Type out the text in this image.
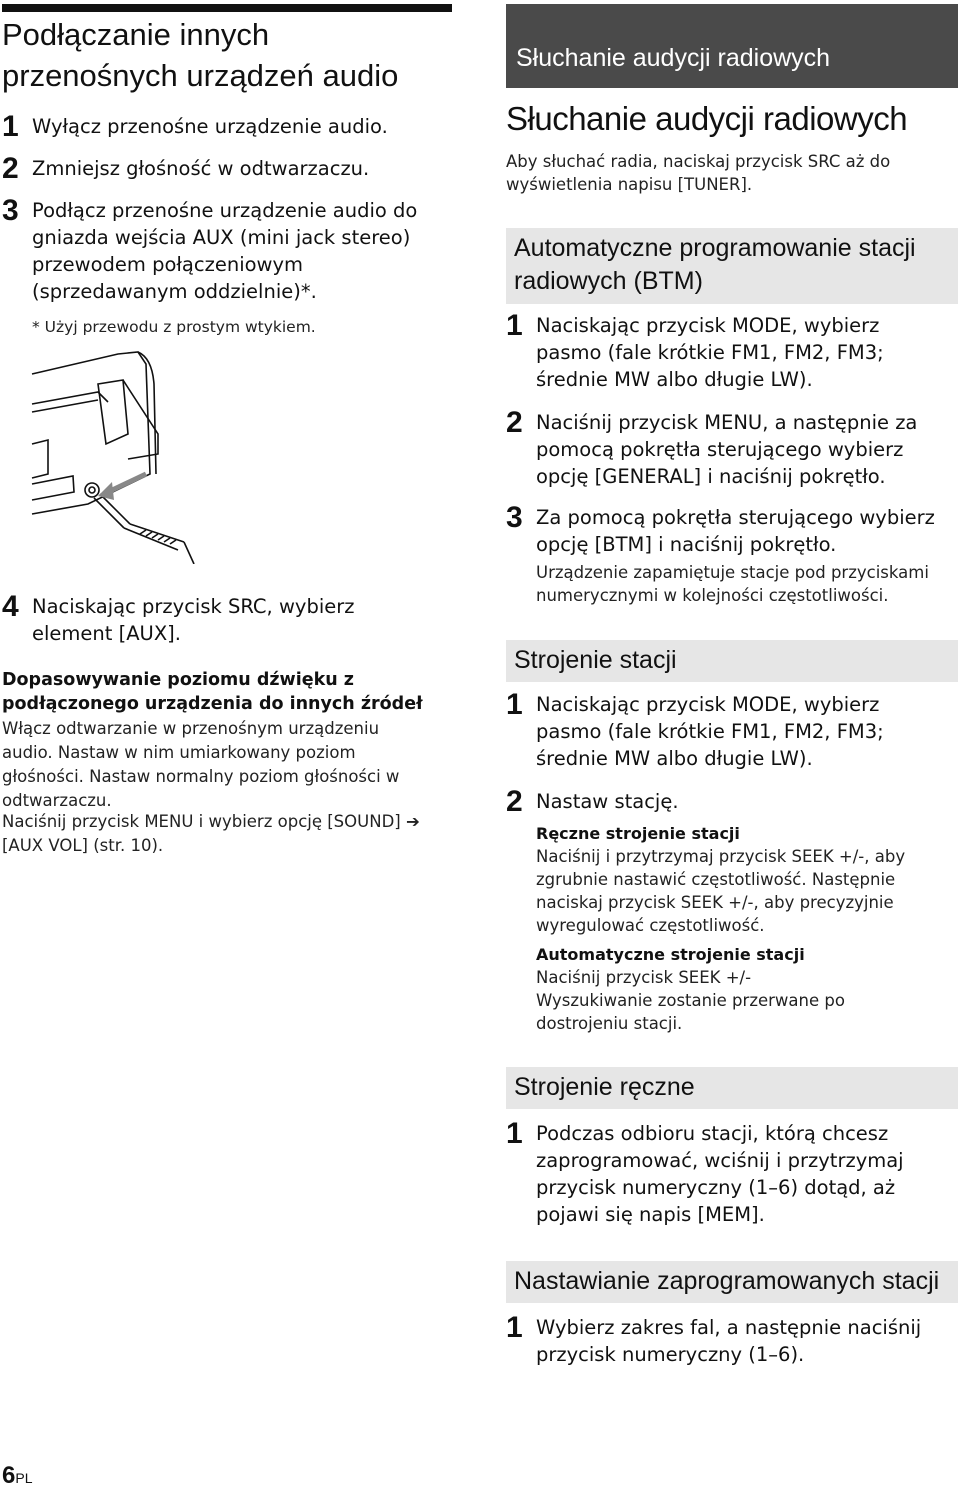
Podłączanie innych
przenośnych urządzeń audio
1 Wyłącz przenośne urządzenie audio.
2 Zmniejsz głośność w odtwarzaczu.
3 Podłącz przenośne urządzenie audio do gniazda wejścia AUX (mini jack stereo) przewodem połączeniowym (sprzedawanym oddzielnie)*.
* Użyj przewodu z prostym wtykiem.
4 Naciskając przycisk SRC, wybierz element [AUX].
Dopasowywanie poziomu dźwięku z podłączonego urządzenia do innych źródeł
Włącz odtwarzanie w przenośnym urządzeniu audio. Nastaw w nim umiarkowany poziom głośności. Nastaw normalny poziom głośności w odtwarzaczu.
Naciśnij przycisk MENU i wybierz opcję [SOUND] ➔ [AUX VOL] (str. 10).
Słuchanie audycji radiowych
Słuchanie audycji radiowych
Aby słuchać radia, naciskaj przycisk SRC aż do wyświetlenia napisu [TUNER].
Automatyczne programowanie stacji radiowych (BTM)
1 Naciskając przycisk MODE, wybierz pasmo (fale krótkie FM1, FM2, FM3; średnie MW albo długie LW).
2 Naciśnij przycisk MENU, a następnie za pomocą pokrętła sterującego wybierz opcję [GENERAL] i naciśnij pokrętło.
3 Za pomocą pokrętła sterującego wybierz opcję [BTM] i naciśnij pokrętło.
Urządzenie zapamiętuje stacje pod przyciskami numerycznymi w kolejności częstotliwości.
Strojenie stacji
1 Naciskając przycisk MODE, wybierz pasmo (fale krótkie FM1, FM2, FM3; średnie MW albo długie LW).
2 Nastaw stację.
Ręczne strojenie stacji
Naciśnij i przytrzymaj przycisk SEEK +/-, aby zgrubnie nastawić częstotliwość. Następnie naciskaj przycisk SEEK +/-, aby precyzyjnie wyregulować częstotliwość.
Automatyczne strojenie stacji
Naciśnij przycisk SEEK +/-
Wyszukiwanie zostanie przerwane po dostrojeniu stacji.
Strojenie ręczne
1 Podczas odbioru stacji, którą chcesz zaprogramować, wciśnij i przytrzymaj przycisk numeryczny (1–6) dotąd, aż pojawi się napis [MEM].
Nastawianie zaprogramowanych stacji
1 Wybierz zakres fal, a następnie naciśnij przycisk numeryczny (1–6).
6PL
